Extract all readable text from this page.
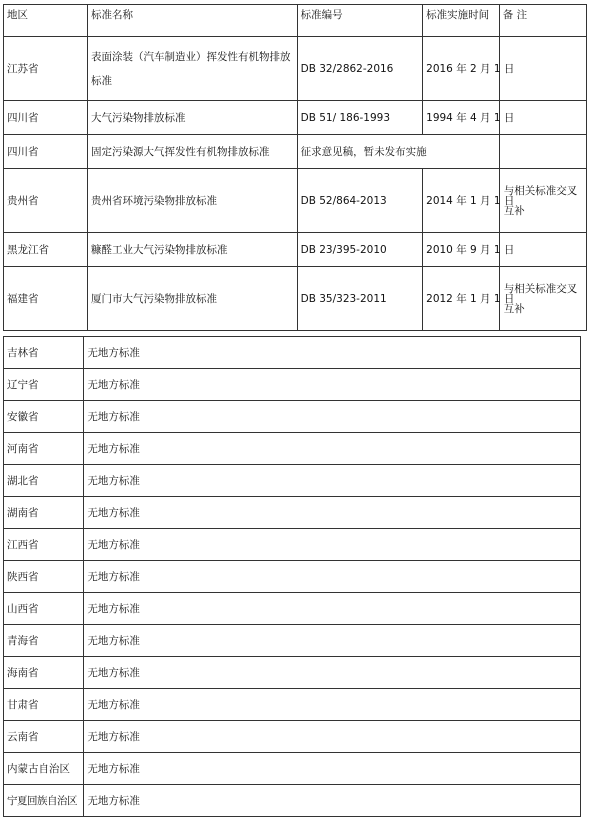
地区	标准名称	标准编号	标准实施时间	备 注
江苏省	表面涂装（汽车制造业）挥发性有机物排放标准	DB 32/2862-2016	2016 年 2 月 1 日	
四川省	大气污染物排放标准	DB 51/ 186-1993	1994 年 4 月 1 日	
四川省	固定污染源大气挥发性有机物排放标准	征求意见稿，暂未发布实施		
贵州省	贵州省环境污染物排放标准	DB 52/864-2013	2014 年 1 月 1 日	与相关标准交叉互补
黑龙江省	糠醛工业大气污染物排放标准	DB 23/395-2010	2010 年 9 月 1 日	
福建省	厦门市大气污染物排放标准	DB 35/323-2011	2012 年 1 月 1 日	与相关标准交叉互补
吉林省	无地方标准
辽宁省	无地方标准
安徽省	无地方标准
河南省	无地方标准
湖北省	无地方标准
湖南省	无地方标准
江西省	无地方标准
陕西省	无地方标准
山西省	无地方标准
青海省	无地方标准
海南省	无地方标准
甘肃省	无地方标准
云南省	无地方标准
内蒙古自治区	无地方标准
宁夏回族自治区	无地方标准
